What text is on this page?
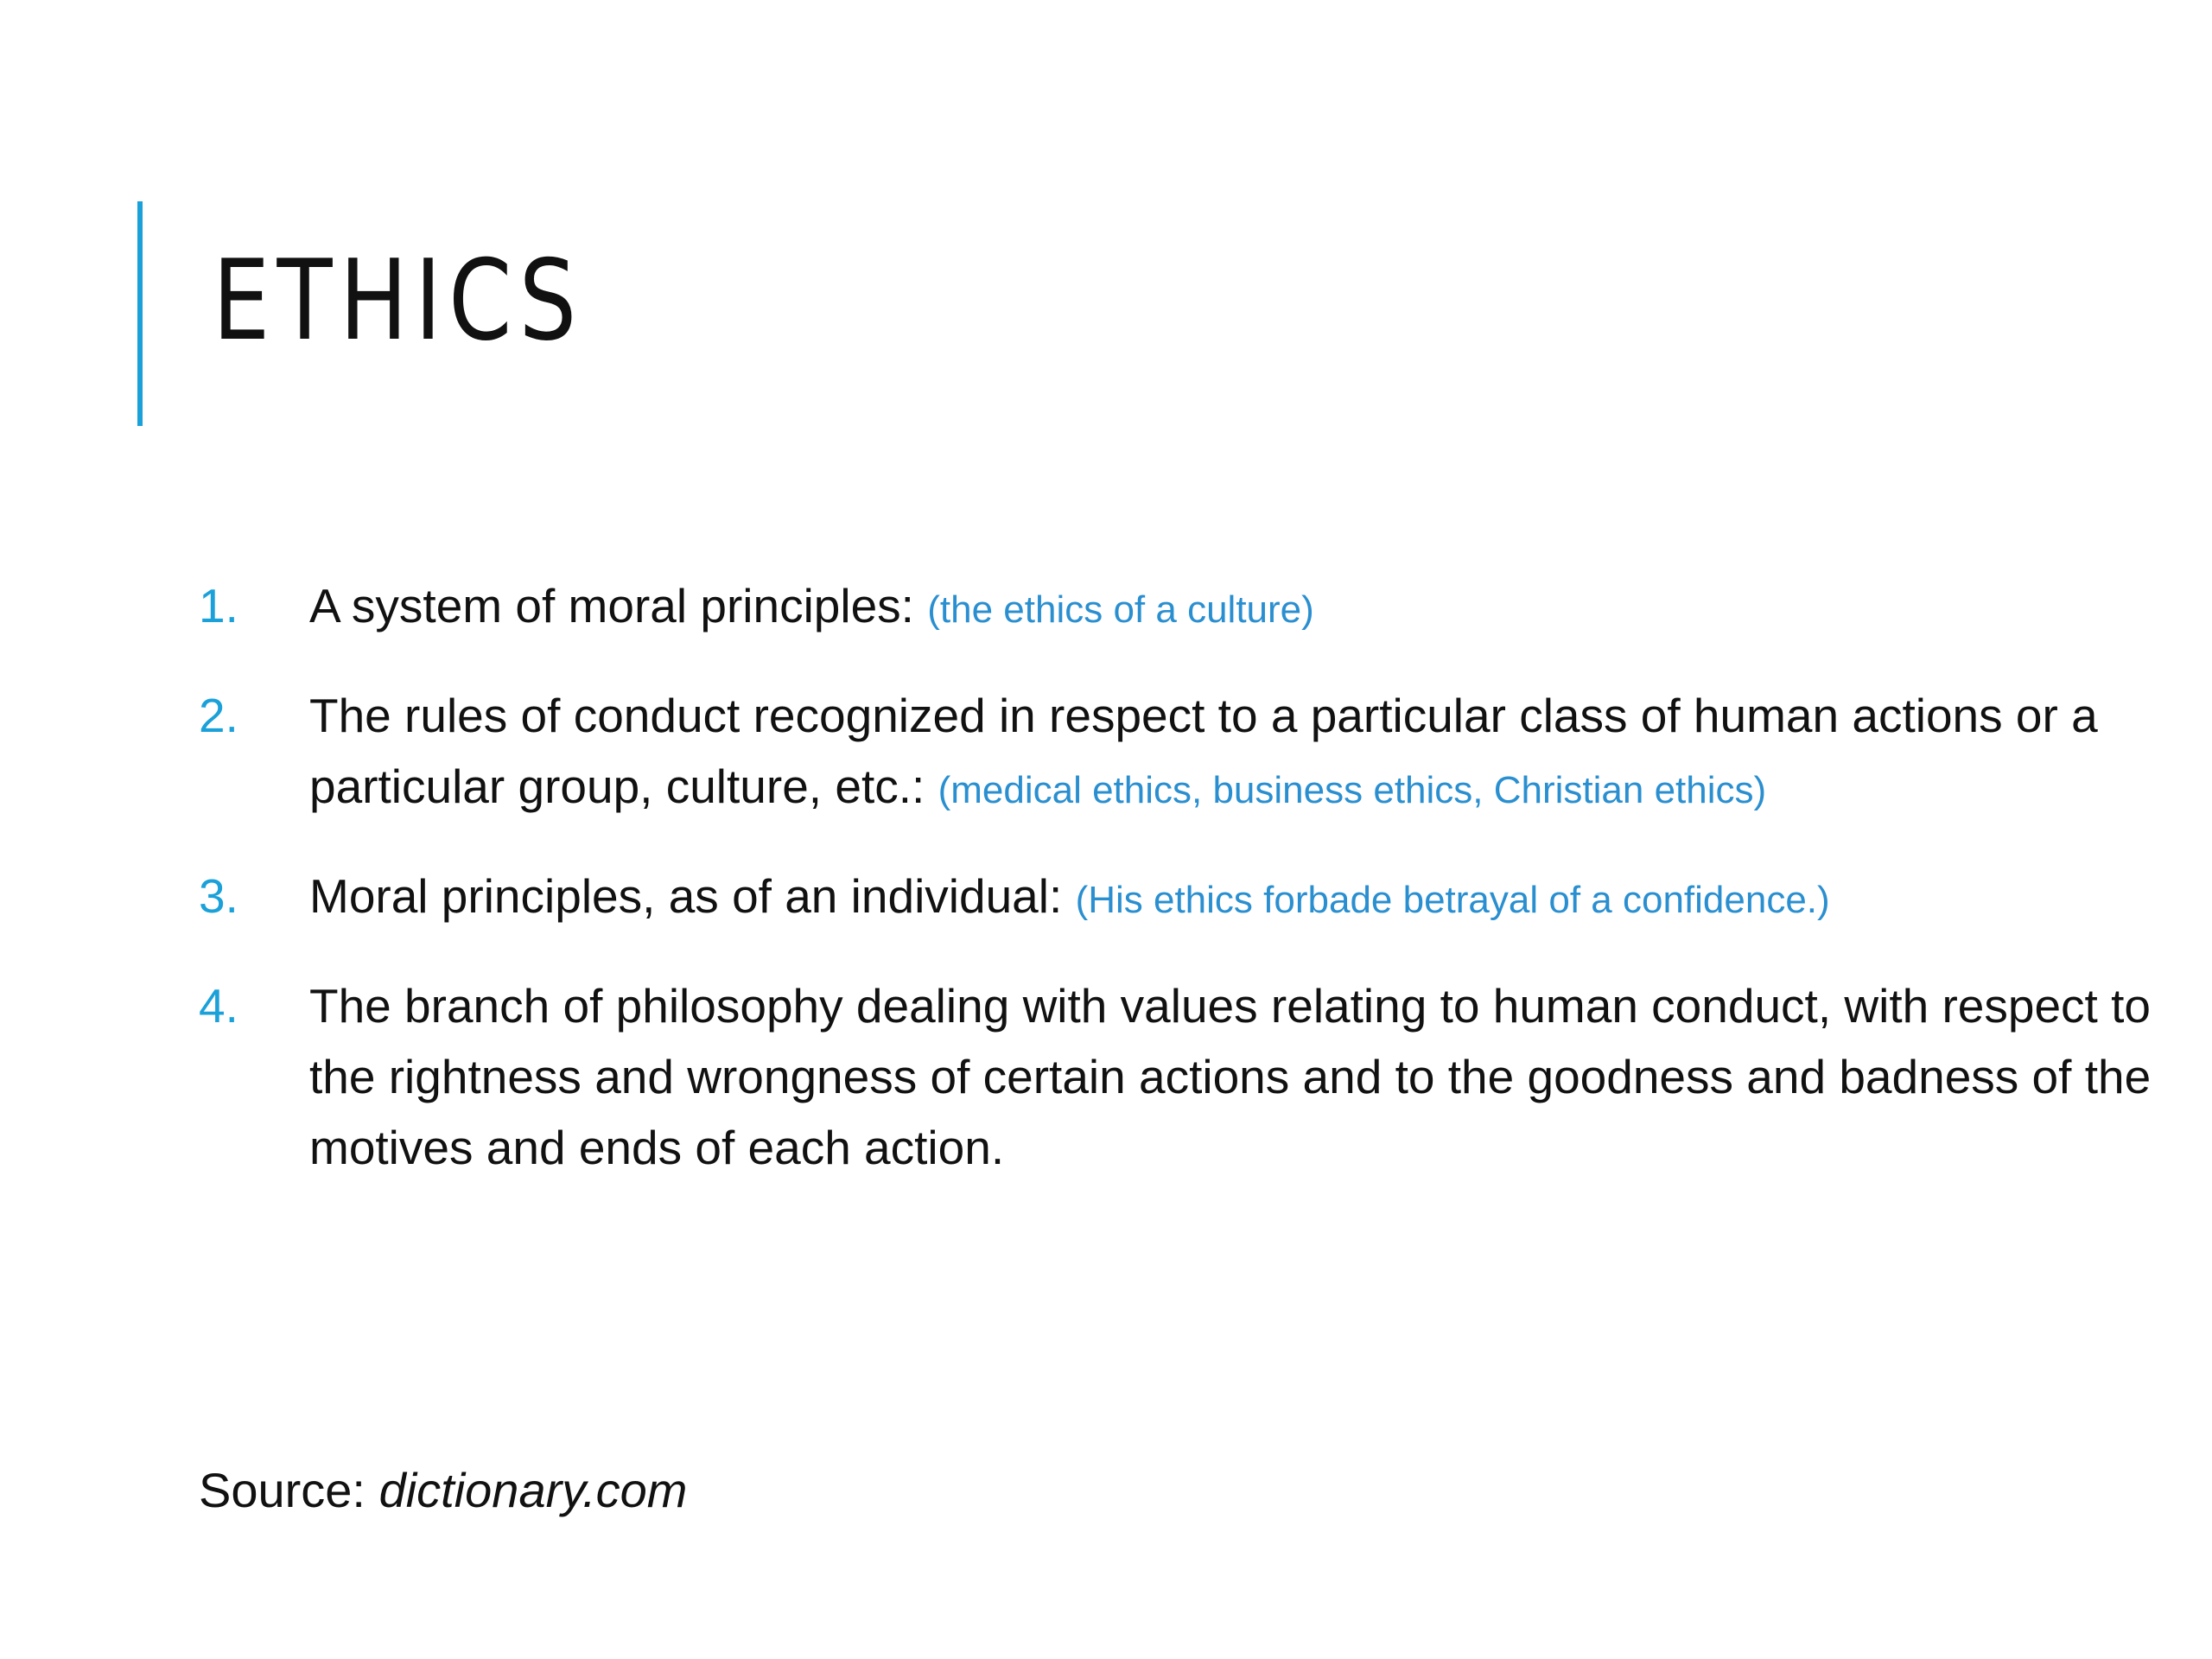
ETHICS
1. A system of moral principles: (the ethics of a culture)
2. The rules of conduct recognized in respect to a particular class of human actions or a particular group, culture, etc.: (medical ethics, business ethics, Christian ethics)
3. Moral principles, as of an individual: (His ethics forbade betrayal of a confidence.)
4. The branch of philosophy dealing with values relating to human conduct, with respect to the rightness and wrongness of certain actions and to the goodness and badness of the motives and ends of each action.
Source: dictionary.com
